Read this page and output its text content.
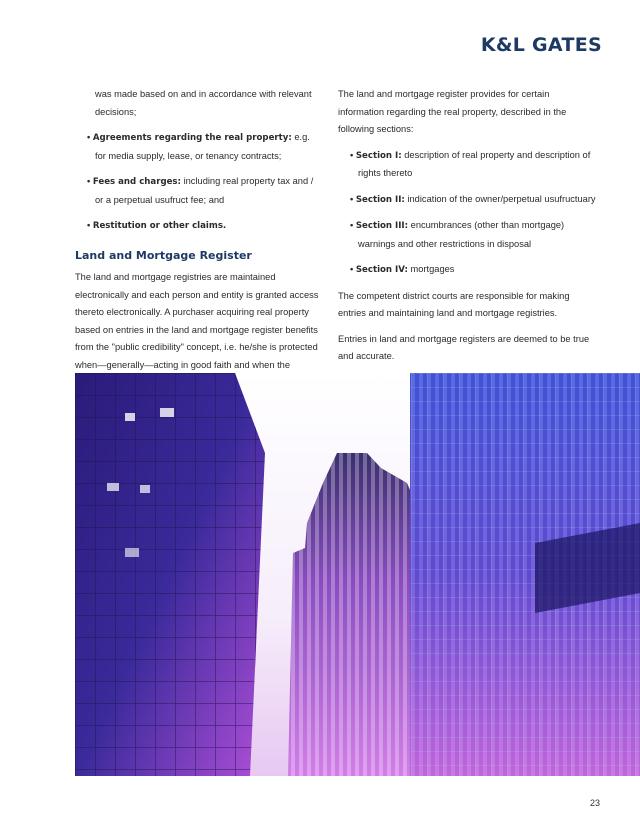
K&L GATES

was made based on and in accordance with relevant decisions;

• Agreements regarding the real property: e.g. for media supply, lease, or tenancy contracts;
• Fees and charges: including real property tax and / or a perpetual usufruct fee; and
• Restitution or other claims.
Land and Mortgage Register

The land and mortgage registries are maintained electronically and each person and entity is granted access thereto electronically. A purchaser acquiring real property based on entries in the land and mortgage register benefits from the "public credibility" concept, i.e. he/she is protected when—generally—acting in good faith and when the

The land and mortgage register provides for certain information regarding the real property, described in the following sections:

• Section I: description of real property and description of rights thereto
• Section II: indication of the owner/perpetual usufructuary
• Section III: encumbrances (other than mortgage) warnings and other restrictions in disposal
• Section IV: mortgages

The competent district courts are responsible for making entries and maintaining land and mortgage registries.

Entries in land and mortgage registers are deemed to be true and accurate.

23
